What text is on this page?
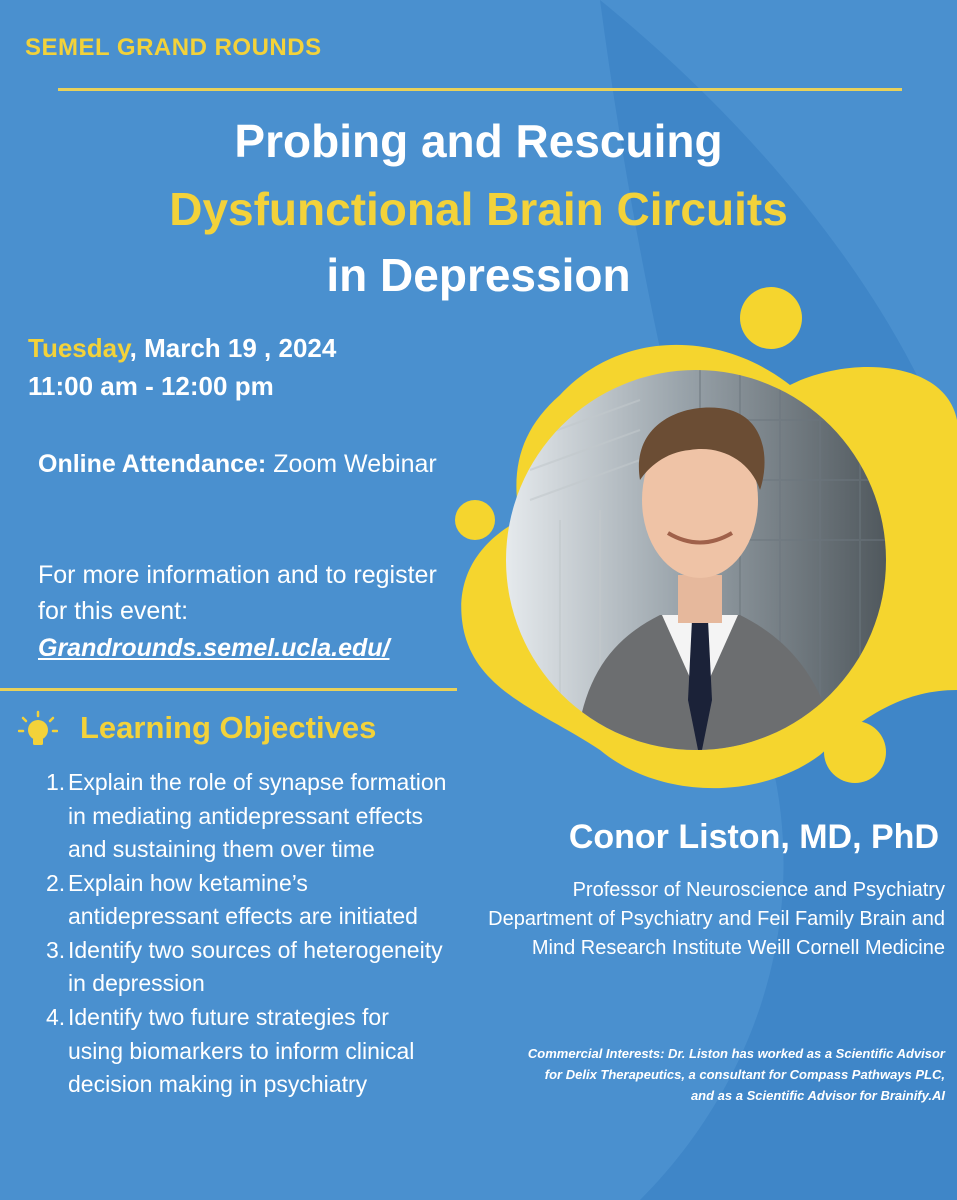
SEMEL GRAND ROUNDS
Probing and Rescuing
Dysfunctional Brain Circuits
in Depression
Tuesday, March 19 , 2024
11:00 am - 12:00 pm
Online Attendance: Zoom Webinar
For more information and to register for this event:
Grandrounds.semel.ucla.edu/
Learning Objectives
1. Explain the role of synapse formation in mediating antidepressant effects and sustaining them over time
2. Explain how ketamine’s antidepressant effects are initiated
3. Identify two sources of heterogeneity in depression
4. Identify two future strategies for using biomarkers to inform clinical decision making in psychiatry
Conor Liston, MD, PhD
Professor of Neuroscience and Psychiatry Department of Psychiatry and Feil Family Brain and Mind Research Institute Weill Cornell Medicine
Commercial Interests: Dr. Liston has worked as a Scientific Advisor for Delix Therapeutics, a consultant for Compass Pathways PLC, and as a Scientific Advisor for Brainify.AI
